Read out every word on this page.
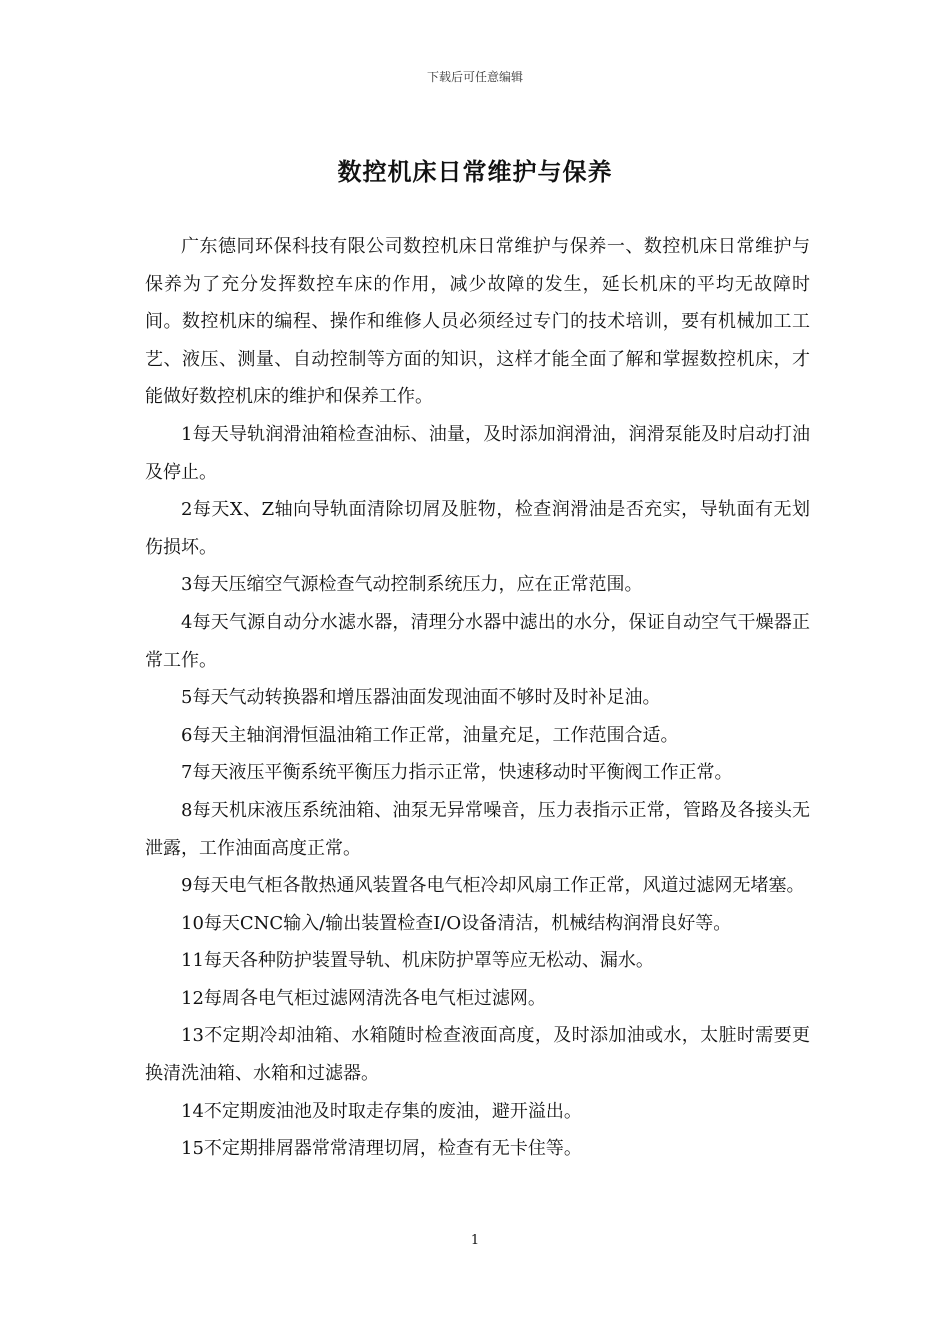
下载后可任意编辑
数控机床日常维护与保养

广东德同环保科技有限公司数控机床日常维护与保养一、数控机床日常维护与保养为了充分发挥数控车床的作用，减少故障的发生，延长机床的平均无故障时间。数控机床的编程、操作和维修人员必须经过专门的技术培训，要有机械加工工艺、液压、测量、自动控制等方面的知识，这样才能全面了解和掌握数控机床，才能做好数控机床的维护和保养工作。

1每天导轨润滑油箱检查油标、油量，及时添加润滑油，润滑泵能及时启动打油及停止。

2每天X、Z轴向导轨面清除切屑及脏物，检查润滑油是否充实，导轨面有无划伤损坏。

3每天压缩空气源检查气动控制系统压力，应在正常范围。

4每天气源自动分水滤水器，清理分水器中滤出的水分，保证自动空气干燥器正常工作。

5每天气动转换器和增压器油面发现油面不够时及时补足油。

6每天主轴润滑恒温油箱工作正常，油量充足，工作范围合适。

7每天液压平衡系统平衡压力指示正常，快速移动时平衡阀工作正常。

8每天机床液压系统油箱、油泵无异常噪音，压力表指示正常，管路及各接头无泄露，工作油面高度正常。

9每天电气柜各散热通风装置各电气柜冷却风扇工作正常，风道过滤网无堵塞。

10每天CNC输入/输出装置检查I/O设备清洁，机械结构润滑良好等。

11每天各种防护装置导轨、机床防护罩等应无松动、漏水。

12每周各电气柜过滤网清洗各电气柜过滤网。

13不定期冷却油箱、水箱随时检查液面高度，及时添加油或水，太脏时需要更换清洗油箱、水箱和过滤器。

14不定期废油池及时取走存集的废油，避开溢出。

15不定期排屑器常常清理切屑，检查有无卡住等。

1
